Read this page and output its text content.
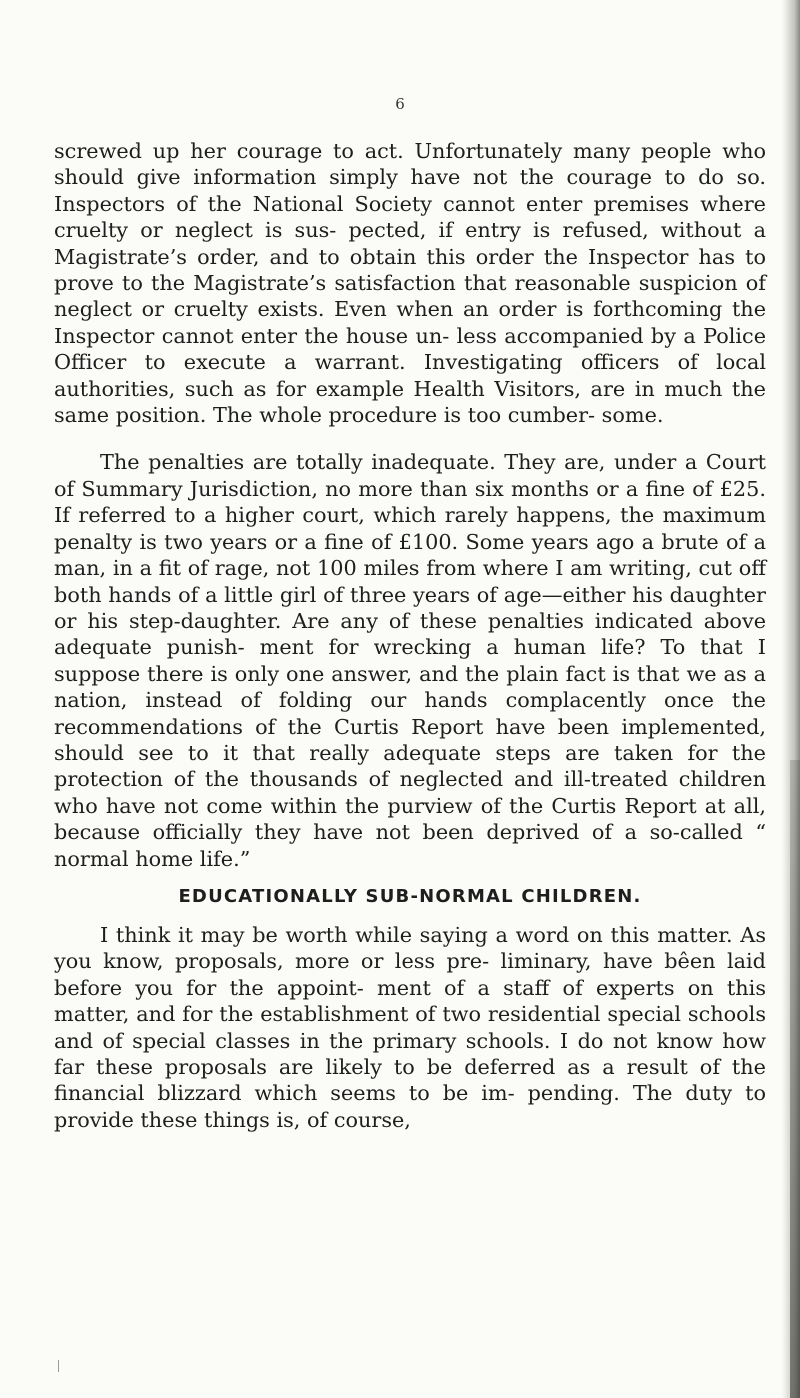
6

screwed up her courage to act. Unfortunately many people who should give information simply have not the courage to do so. Inspectors of the National Society cannot enter premises where cruelty or neglect is sus- pected, if entry is refused, without a Magistrate’s order, and to obtain this order the Inspector has to prove to the Magistrate’s satisfaction that reasonable suspicion of neglect or cruelty exists. Even when an order is forthcoming the Inspector cannot enter the house un- less accompanied by a Police Officer to execute a warrant. Investigating officers of local authorities, such as for example Health Visitors, are in much the same position. The whole procedure is too cumber- some.

The penalties are totally inadequate. They are, under a Court of Summary Jurisdiction, no more than six months or a fine of £25. If referred to a higher court, which rarely happens, the maximum penalty is two years or a fine of £100. Some years ago a brute of a man, in a fit of rage, not 100 miles from where I am writing, cut off both hands of a little girl of three years of age—either his daughter or his step-daughter. Are any of these penalties indicated above adequate punish- ment for wrecking a human life? To that I suppose there is only one answer, and the plain fact is that we as a nation, instead of folding our hands complacently once the recommendations of the Curtis Report have been implemented, should see to it that really adequate steps are taken for the protection of the thousands of neglected and ill-treated children who have not come within the purview of the Curtis Report at all, because officially they have not been deprived of a so-called “ normal home life.”

EDUCATIONALLY SUB-NORMAL CHILDREN.

I think it may be worth while saying a word on this matter. As you know, proposals, more or less pre- liminary, have bêen laid before you for the appoint- ment of a staff of experts on this matter, and for the establishment of two residential special schools and of special classes in the primary schools. I do not know how far these proposals are likely to be deferred as a result of the financial blizzard which seems to be im- pending. The duty to provide these things is, of course,
